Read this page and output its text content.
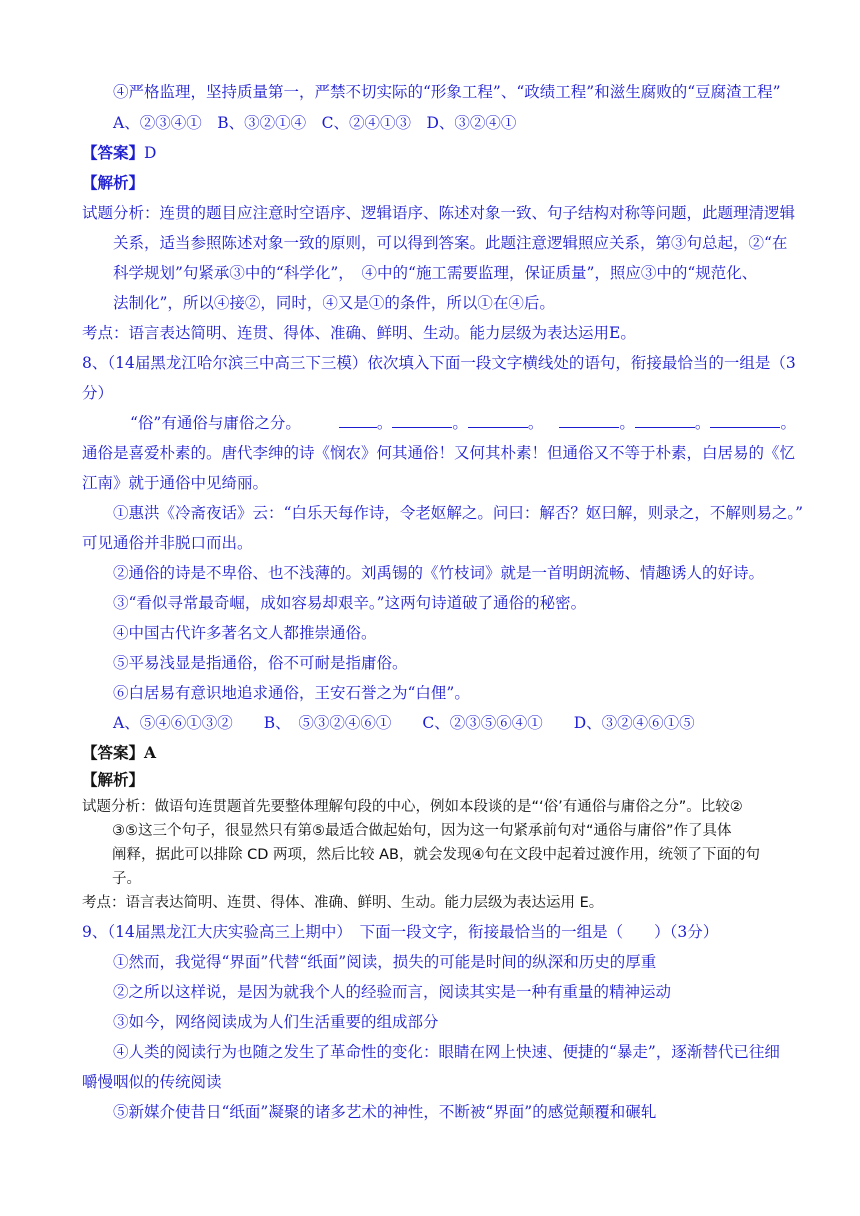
④严格监理，坚持质量第一，严禁不切实际的“形象工程”、“政绩工程”和滋生腐败的“豆腐渣工程”
A、②③④①　B、③②①④　C、②④①③　D、③②④①
【答案】D
【解析】
试题分析：连贯的题目应注意时空语序、逻辑语序、陈述对象一致、句子结构对称等问题，此题理清逻辑
关系，适当参照陈述对象一致的原则，可以得到答案。此题注意逻辑照应关系，第③句总起，②“在
科学规划”句紧承③中的“科学化”，　④中的“施工需要监理，保证质量”，照应③中的“规范化、
法制化”，所以④接②，同时，④又是①的条件，所以①在④后。
考点：语言表达简明、连贯、得体、准确、鲜明、生动。能力层级为表达运用E。
8、（14届黑龙江哈尔滨三中高三下三模）依次填入下面一段文字横线处的语句，衔接最恰当的一组是（3
分）
“俗”有通俗与庸俗之分。	。	。	。	。	。	。
通俗是喜爱朴素的。唐代李绅的诗《悯农》何其通俗！又何其朴素！但通俗又不等于朴素，白居易的《忆
江南》就于通俗中见绮丽。
①惠洪《冷斋夜话》云：“白乐天每作诗，令老妪解之。问曰：解否？妪曰解，则录之，不解则易之。”
可见通俗并非脱口而出。
②通俗的诗是不卑俗、也不浅薄的。刘禹锡的《竹枝词》就是一首明朗流畅、情趣诱人的好诗。
③“看似寻常最奇崛，成如容易却艰辛。”这两句诗道破了通俗的秘密。
④中国古代许多著名文人都推崇通俗。
⑤平易浅显是指通俗，俗不可耐是指庸俗。
⑥白居易有意识地追求通俗，王安石誉之为“白俚”。
A、⑤④⑥①③②　　B、　⑤③②④⑥①　　C、②③⑤⑥④①　　D、③②④⑥①⑤
【答案】A
【解析】
试题分析：做语句连贯题首先要整体理解句段的中心，例如本段谈的是“‘俗’有通俗与庸俗之分”。比较②
③⑤这三个句子，很显然只有第⑤最适合做起始句，因为这一句紧承前句对“通俗与庸俗”作了具体
阐释，据此可以排除 CD 两项，然后比较 AB，就会发现④句在文段中起着过渡作用，统领了下面的句
子。
考点：语言表达简明、连贯、得体、准确、鲜明、生动。能力层级为表达运用 E。
9、（14届黑龙江大庆实验高三上期中）　下面一段文字，衔接最恰当的一组是（　　）（3分）
①然而，我觉得“界面”代替“纸面”阅读，损失的可能是时间的纵深和历史的厚重
②之所以这样说，是因为就我个人的经验而言，阅读其实是一种有重量的精神运动
③如今，网络阅读成为人们生活重要的组成部分
④人类的阅读行为也随之发生了革命性的变化：眼睛在网上快速、便捷的“暴走”，逐渐替代已往细
嚼慢咽似的传统阅读
⑤新媒介使昔日“纸面”凝聚的诸多艺术的神性，不断被“界面”的感觉颠覆和碾轧
